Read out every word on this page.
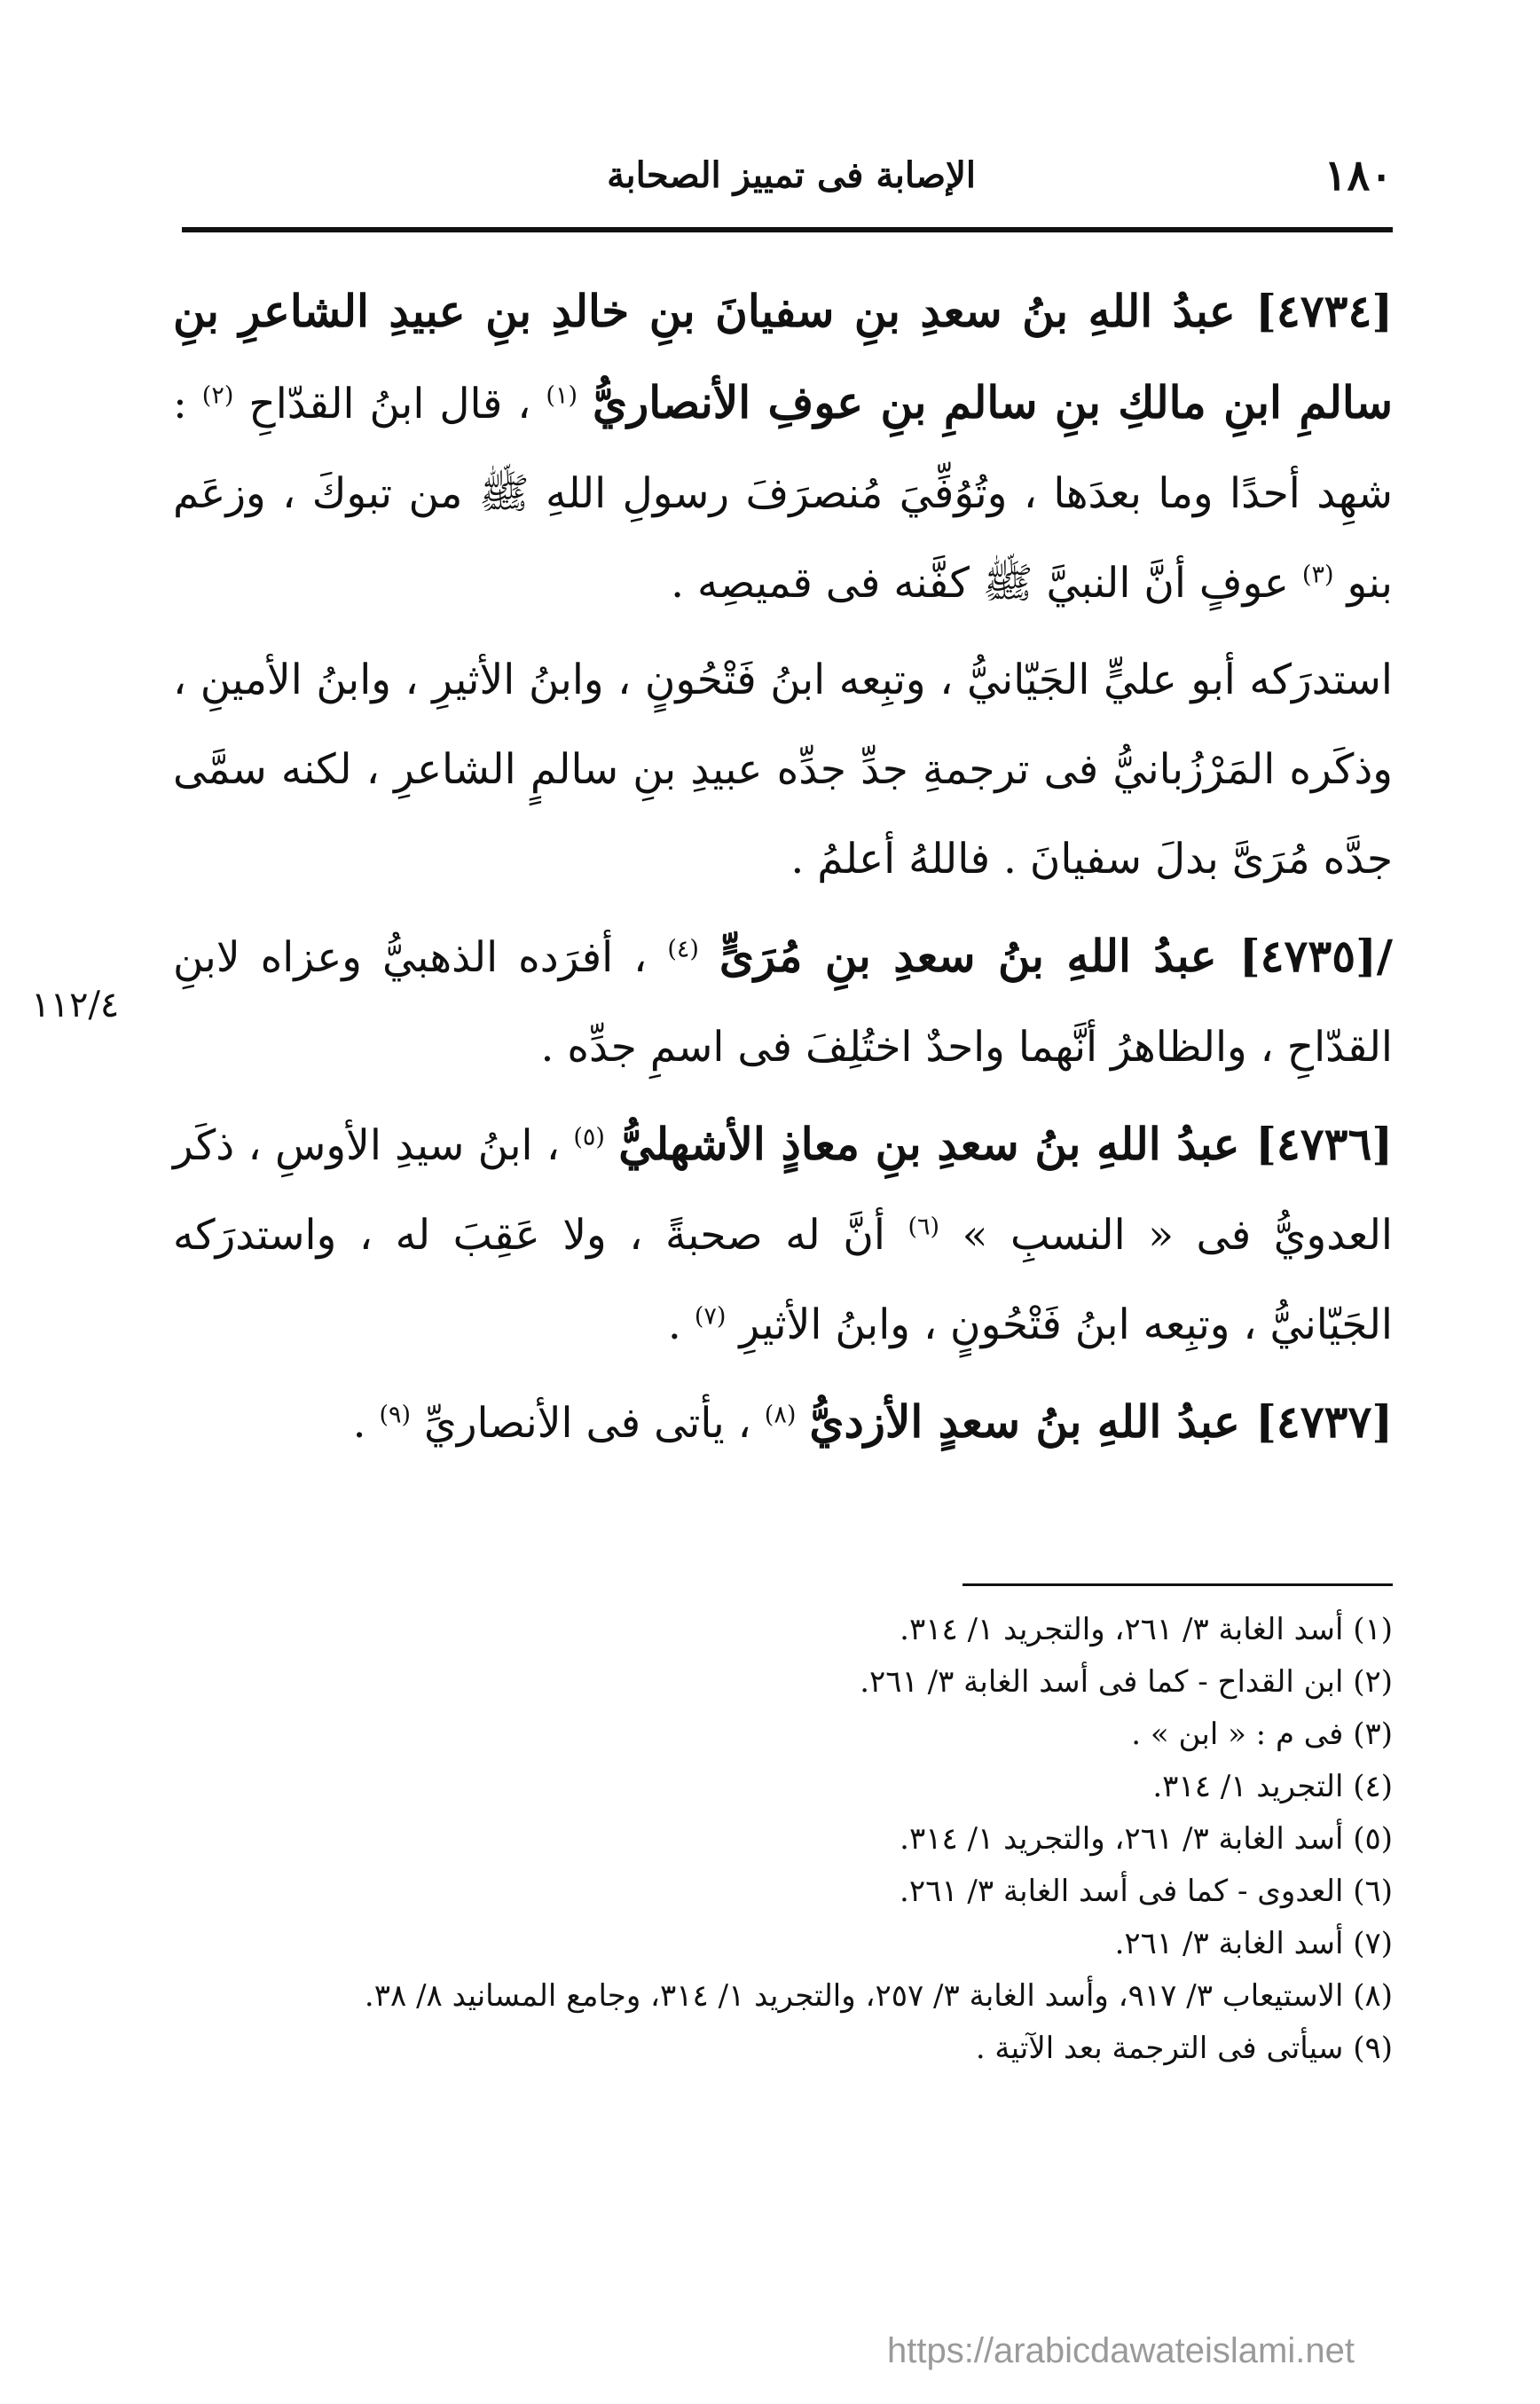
١٨٠
الإصابة فى تمييز الصحابة
١١٢/٤

[٤٧٣٤] عبدُ اللهِ بنُ سعدِ بنِ سفيانَ بنِ خالدِ بنِ عبيدِ الشاعرِ بنِ سالمِ ابنِ مالكِ بنِ سالمِ بنِ عوفِ الأنصاريُّ $^{(١)}$ ، قال ابنُ القدّاحِ $^{(٢)}$ : شهِد أحدًا وما بعدَها ، وتُوُفِّيَ مُنصرَفَ رسولِ اللهِ ﷺ من تبوكَ ، وزعَم بنو $^{(٣)}$ عوفٍ أنَّ النبيَّ ﷺ كفَّنه فى قميصِه .

استدرَكه أبو عليٍّ الجَيّانيُّ ، وتبِعه ابنُ فَتْحُونٍ ، وابنُ الأثيرِ ، وابنُ الأمينِ ، وذكَره المَرْزُبانيُّ فى ترجمةِ جدِّ جدِّه عبيدِ بنِ سالمٍ الشاعرِ ، لكنه سمَّى جدَّه مُرَىَّ بدلَ سفيانَ . فاللهُ أعلمُ .

/[٤٧٣٥] عبدُ اللهِ بنُ سعدِ بنِ مُرَىٍّ $^{(٤)}$ ، أفرَده الذهبيُّ وعزاه لابنِ القدّاحِ ، والظاهرُ أنَّهما واحدٌ اختُلِفَ فى اسمِ جدِّه .

[٤٧٣٦] عبدُ اللهِ بنُ سعدِ بنِ معاذٍ الأشهليُّ $^{(٥)}$ ، ابنُ سيدِ الأوسِ ، ذكَر العدويُّ فى « النسبِ » $^{(٦)}$ أنَّ له صحبةً ، ولا عَقِبَ له ، واستدرَكه الجَيّانيُّ ، وتبِعه ابنُ فَتْحُونٍ ، وابنُ الأثيرِ $^{(٧)}$ .

[٤٧٣٧] عبدُ اللهِ بنُ سعدٍ الأزديُّ $^{(٨)}$ ، يأتى فى الأنصاريِّ $^{(٩)}$ .

(١) أسد الغابة ٣/ ٢٦١، والتجريد ١/ ٣١٤.
(٢) ابن القداح - كما فى أسد الغابة ٣/ ٢٦١.
(٣) فى م : « ابن » .
(٤) التجريد ١/ ٣١٤.
(٥) أسد الغابة ٣/ ٢٦١، والتجريد ١/ ٣١٤.
(٦) العدوى - كما فى أسد الغابة ٣/ ٢٦١.
(٧) أسد الغابة ٣/ ٢٦١.
(٨) الاستيعاب ٣/ ٩١٧، وأسد الغابة ٣/ ٢٥٧، والتجريد ١/ ٣١٤، وجامع المسانيد ٨/ ٣٨.
(٩) سيأتى فى الترجمة بعد الآتية .
https://arabicdawateislami.net
